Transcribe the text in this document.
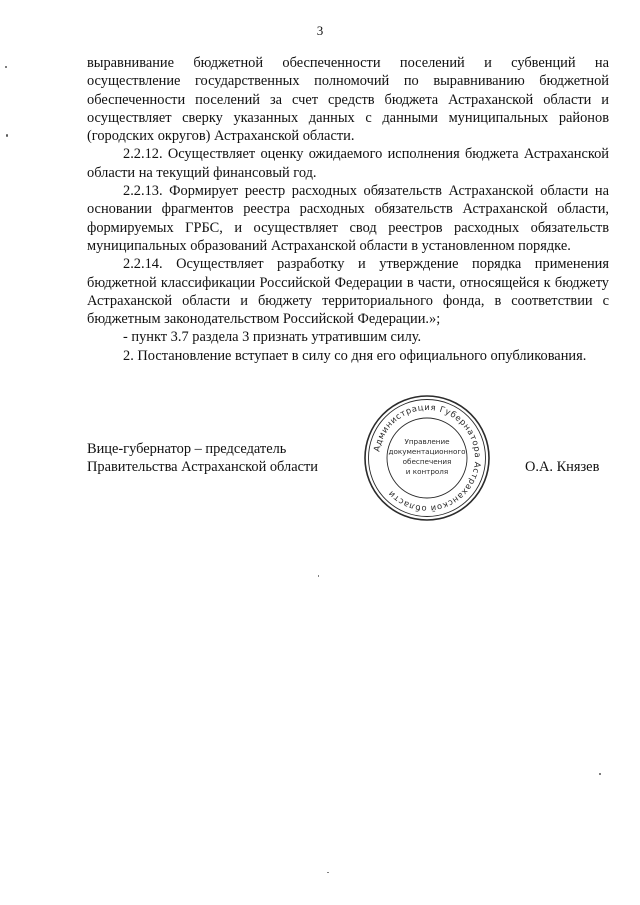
3

выравнивание бюджетной обеспеченности поселений и субвенций на осуществление государственных полномочий по выравниванию бюджетной обеспеченности поселений за счет средств бюджета Астраханской области и осуществляет сверку указанных данных с данными муниципальных районов (городских округов) Астраханской области.

2.2.12. Осуществляет оценку ожидаемого исполнения бюджета Астраханской области на текущий финансовый год.

2.2.13. Формирует реестр расходных обязательств Астраханской области на основании фрагментов реестра расходных обязательств Астраханской области, формируемых ГРБС, и осуществляет свод реестров расходных обязательств муниципальных образований Астраханской области в установленном порядке.

2.2.14. Осуществляет разработку и утверждение порядка применения бюджетной классификации Российской Федерации в части, относящейся к бюджету Астраханской области и бюджету территориального фонда, в соответствии с бюджетным законодательством Российской Федерации.»;

- пункт 3.7 раздела 3 признать утратившим силу.

2. Постановление вступает в силу со дня его официального опубликования.

Вице-губернатор – председатель
Правительства Астраханской области	О.А. Князев
Администрация Губернатора Астраханской области
Управление
документационного
обеспечения
и контроля
